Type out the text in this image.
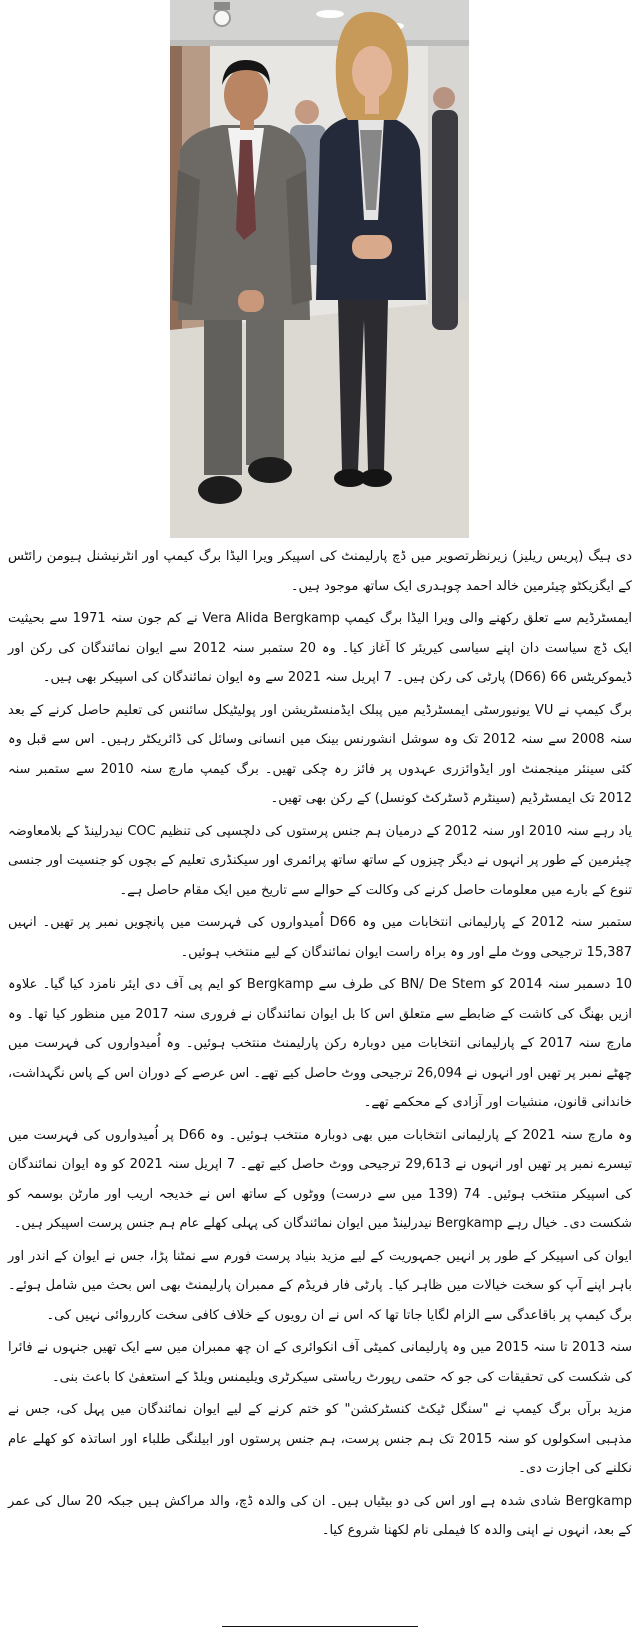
دی ہیگ (پریس ریلیز) زیرنظرتصویر میں ڈچ پارلیمنٹ کی اسپیکر ویرا الیڈا برگ کیمپ اور انٹرنیشنل ہیومن رائٹس کے ایگزیکٹو چیئرمین خالد احمد چوہدری ایک ساتھ موجود ہیں۔

ایمسٹرڈیم سے تعلق رکھنے والی ویرا الیڈا برگ کیمپ Vera Alida Bergkamp نے کم جون سنہ 1971 سے بحیثیت ایک ڈچ سیاست دان اپنے سیاسی کیریئر کا آغاز کیا۔ وہ 20 ستمبر سنہ 2012 سے ایوان نمائندگان کی رکن اور ڈیموکریٹس 66 (D66) پارٹی کی رکن ہیں۔ 7 اپریل سنہ 2021 سے وہ ایوان نمائندگان کی اسپیکر بھی ہیں۔

برگ کیمپ نے VU یونیورسٹی ایمسٹرڈیم میں پبلک ایڈمنسٹریشن اور پولیٹیکل سائنس کی تعلیم حاصل کرنے کے بعد سنہ 2008 سے سنہ 2012 تک وہ سوشل انشورنس بینک میں انسانی وسائل کی ڈائریکٹر رہیں۔ اس سے قبل وہ کئی سینئر مینجمنٹ اور ایڈوائزری عہدوں پر فائز رہ چکی تھیں۔ برگ کیمپ مارچ سنہ 2010 سے ستمبر سنہ 2012 تک ایمسٹرڈیم (سینٹرم ڈسٹرکٹ کونسل) کے رکن بھی تھیں۔

یاد رہے سنہ 2010 اور سنہ 2012 کے درمیان ہم جنس پرستوں کی دلچسپی کی تنظیم COC نیدرلینڈ کے بلامعاوضہ چیئرمین کے طور پر انہوں نے دیگر چیزوں کے ساتھ ساتھ پرائمری اور سیکنڈری تعلیم کے بچوں کو جنسیت اور جنسی تنوع کے بارے میں معلومات حاصل کرنے کی وکالت کے حوالے سے تاریخ میں ایک مقام حاصل ہے۔

ستمبر سنہ 2012 کے پارلیمانی انتخابات میں وہ D66 اُمیدواروں کی فہرست میں پانچویں نمبر پر تھیں۔ انہیں 15,387 ترجیحی ووٹ ملے اور وہ براہ راست ایوان نمائندگان کے لیے منتخب ہوئیں۔

10 دسمبر سنہ 2014 کو BN/ De Stem کی طرف سے Bergkamp کو ایم پی آف دی ایئر نامزد کیا گیا۔ علاوہ ازیں بھنگ کی کاشت کے ضابطے سے متعلق اس کا بل ایوان نمائندگان نے فروری سنہ 2017 میں منظور کیا تھا۔ وہ مارچ سنہ 2017 کے پارلیمانی انتخابات میں دوبارہ رکن پارلیمنٹ منتخب ہوئیں۔ وہ اُمیدواروں کی فہرست میں چھٹے نمبر پر تھیں اور انہوں نے 26,094 ترجیحی ووٹ حاصل کیے تھے۔ اس عرصے کے دوران اس کے پاس نگہداشت، خاندانی قانون، منشیات اور آزادی کے محکمے تھے۔

وہ مارچ سنہ 2021 کے پارلیمانی انتخابات میں بھی دوبارہ منتخب ہوئیں۔ وہ D66 پر اُمیدواروں کی فہرست میں تیسرے نمبر پر تھیں اور انہوں نے 29,613 ترجیحی ووٹ حاصل کیے تھے۔ 7 اپریل سنہ 2021 کو وہ ایوان نمائندگان کی اسپیکر منتخب ہوئیں۔ 74 (139 میں سے درست) ووٹوں کے ساتھ اس نے خدیجہ اریب اور مارٹن بوسمہ کو شکست دی۔ خیال رہے Bergkamp نیدرلینڈ میں ایوان نمائندگان کی پہلی کھلے عام ہم جنس پرست اسپیکر ہیں۔

ایوان کی اسپیکر کے طور پر انہیں جمہوریت کے لیے مزید بنیاد پرست فورم سے نمٹنا پڑا، جس نے ایوان کے اندر اور باہر اپنے آپ کو سخت خیالات میں ظاہر کیا۔ پارٹی فار فریڈم کے ممبران پارلیمنٹ بھی اس بحث میں شامل ہوئے۔ برگ کیمپ پر باقاعدگی سے الزام لگایا جاتا تھا کہ اس نے ان رویوں کے خلاف کافی سخت کارروائی نہیں کی۔

سنہ 2013 تا سنہ 2015 میں وہ پارلیمانی کمیٹی آف انکوائری کے ان چھ ممبران میں سے ایک تھیں جنہوں نے فائرا کی شکست کی تحقیقات کی جو کہ حتمی رپورٹ ریاستی سیکرٹری ویلیمنس ویلڈ کے استعفیٰ کا باعث بنی۔

مزید برآں برگ کیمپ نے "سنگل ٹیکٹ کنسٹرکشن" کو ختم کرنے کے لیے ایوان نمائندگان میں پہل کی، جس نے مذہبی اسکولوں کو سنہ 2015 تک ہم جنس پرست، ہم جنس پرستوں اور ابیلنگی طلباء اور اساتذہ کو کھلے عام نکلنے کی اجازت دی۔

Bergkamp شادی شدہ ہے اور اس کی دو بیٹیاں ہیں۔ ان کی والدہ ڈچ، والد مراکش ہیں جبکہ 20 سال کی عمر کے بعد، انہوں نے اپنی والدہ کا فیملی نام لکھنا شروع کیا۔
